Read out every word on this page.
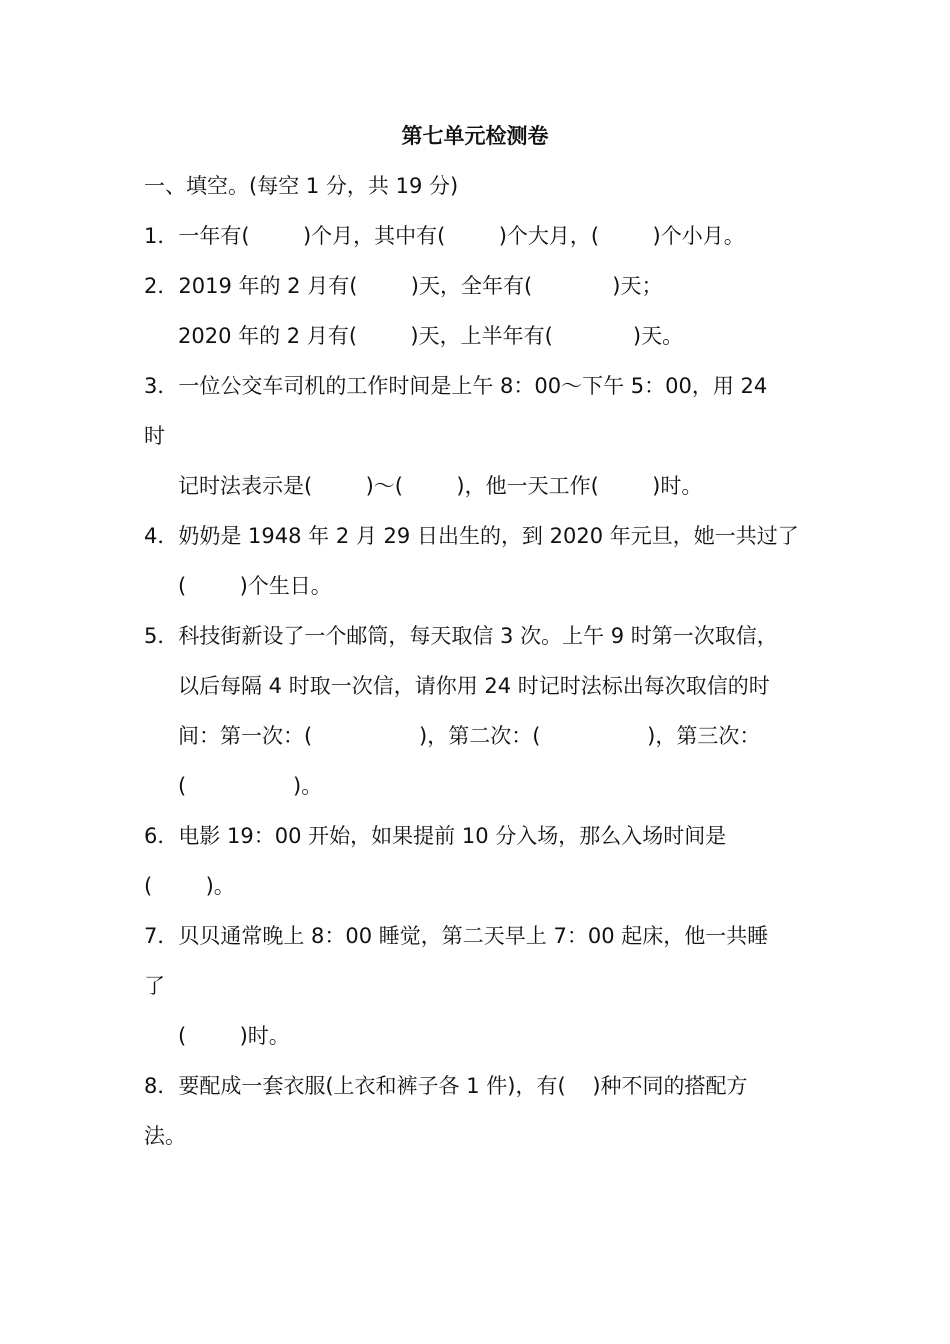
第七单元检测卷
一、填空。(每空 1 分，共 19 分)
1．一年有(        )个月，其中有(        )个大月，(        )个小月。
2．2019 年的 2 月有(        )天，全年有(            )天；
2020 年的 2 月有(        )天，上半年有(            )天。
3．一位公交车司机的工作时间是上午 8：00～下午 5：00，用 24
时
记时法表示是(        )～(        )，他一天工作(        )时。
4．奶奶是 1948 年 2 月 29 日出生的，到 2020 年元旦，她一共过了
(        )个生日。
5．科技街新设了一个邮筒，每天取信 3 次。上午 9 时第一次取信，
以后每隔 4 时取一次信，请你用 24 时记时法标出每次取信的时
间：第一次：(                )，第二次：(                )，第三次：
(                )。
6．电影 19：00 开始，如果提前 10 分入场，那么入场时间是
(        )。
7．贝贝通常晚上 8：00 睡觉，第二天早上 7：00 起床，他一共睡
了
(        )时。
8．要配成一套衣服(上衣和裤子各 1 件)，有(    )种不同的搭配方
法。
